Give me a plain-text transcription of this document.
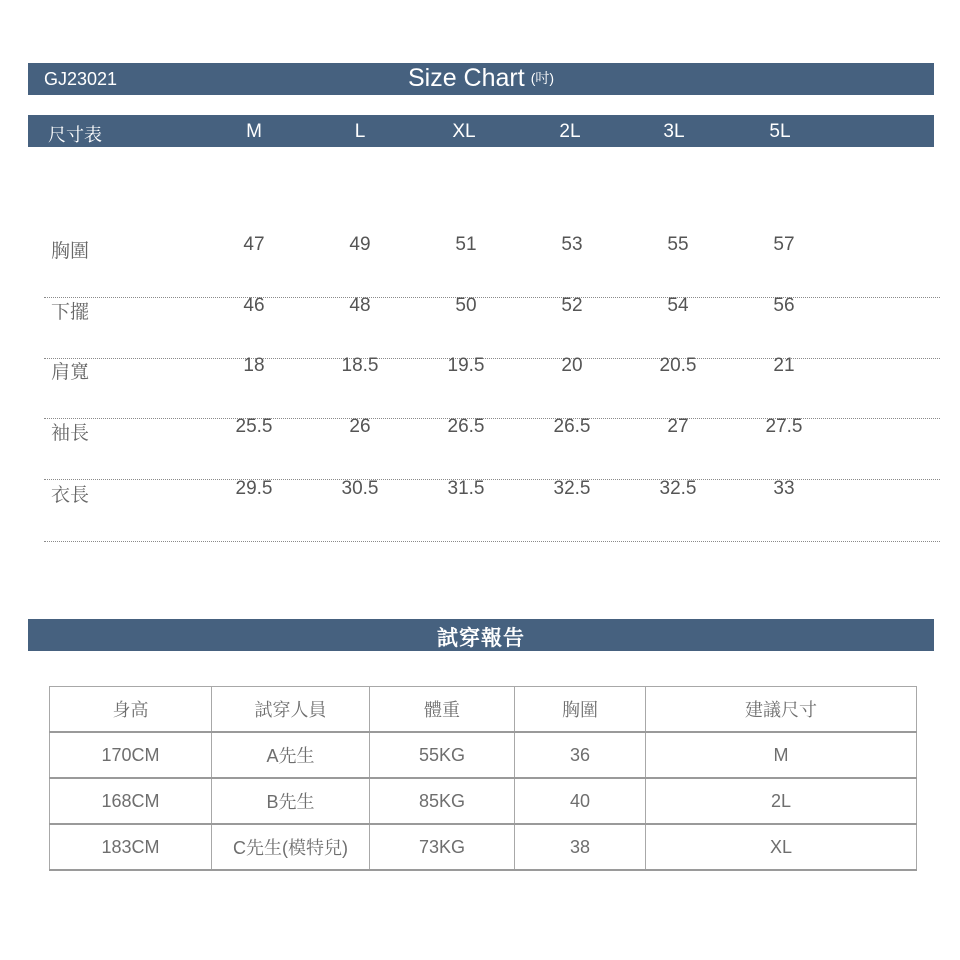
GJ23021	Size Chart (吋)
尺寸表	M	L	XL	2L	3L	5L
胸圍	47	49	51	53	55	57
下擺	46	48	50	52	54	56
肩寬	18	18.5	19.5	20	20.5	21
袖長	25.5	26	26.5	26.5	27	27.5
衣長	29.5	30.5	31.5	32.5	32.5	33
試穿報告
身高	試穿人員	體重	胸圍	建議尺寸
170CM	A先生	55KG	36	M
168CM	B先生	85KG	40	2L
183CM	C先生(模特兒)	73KG	38	XL
